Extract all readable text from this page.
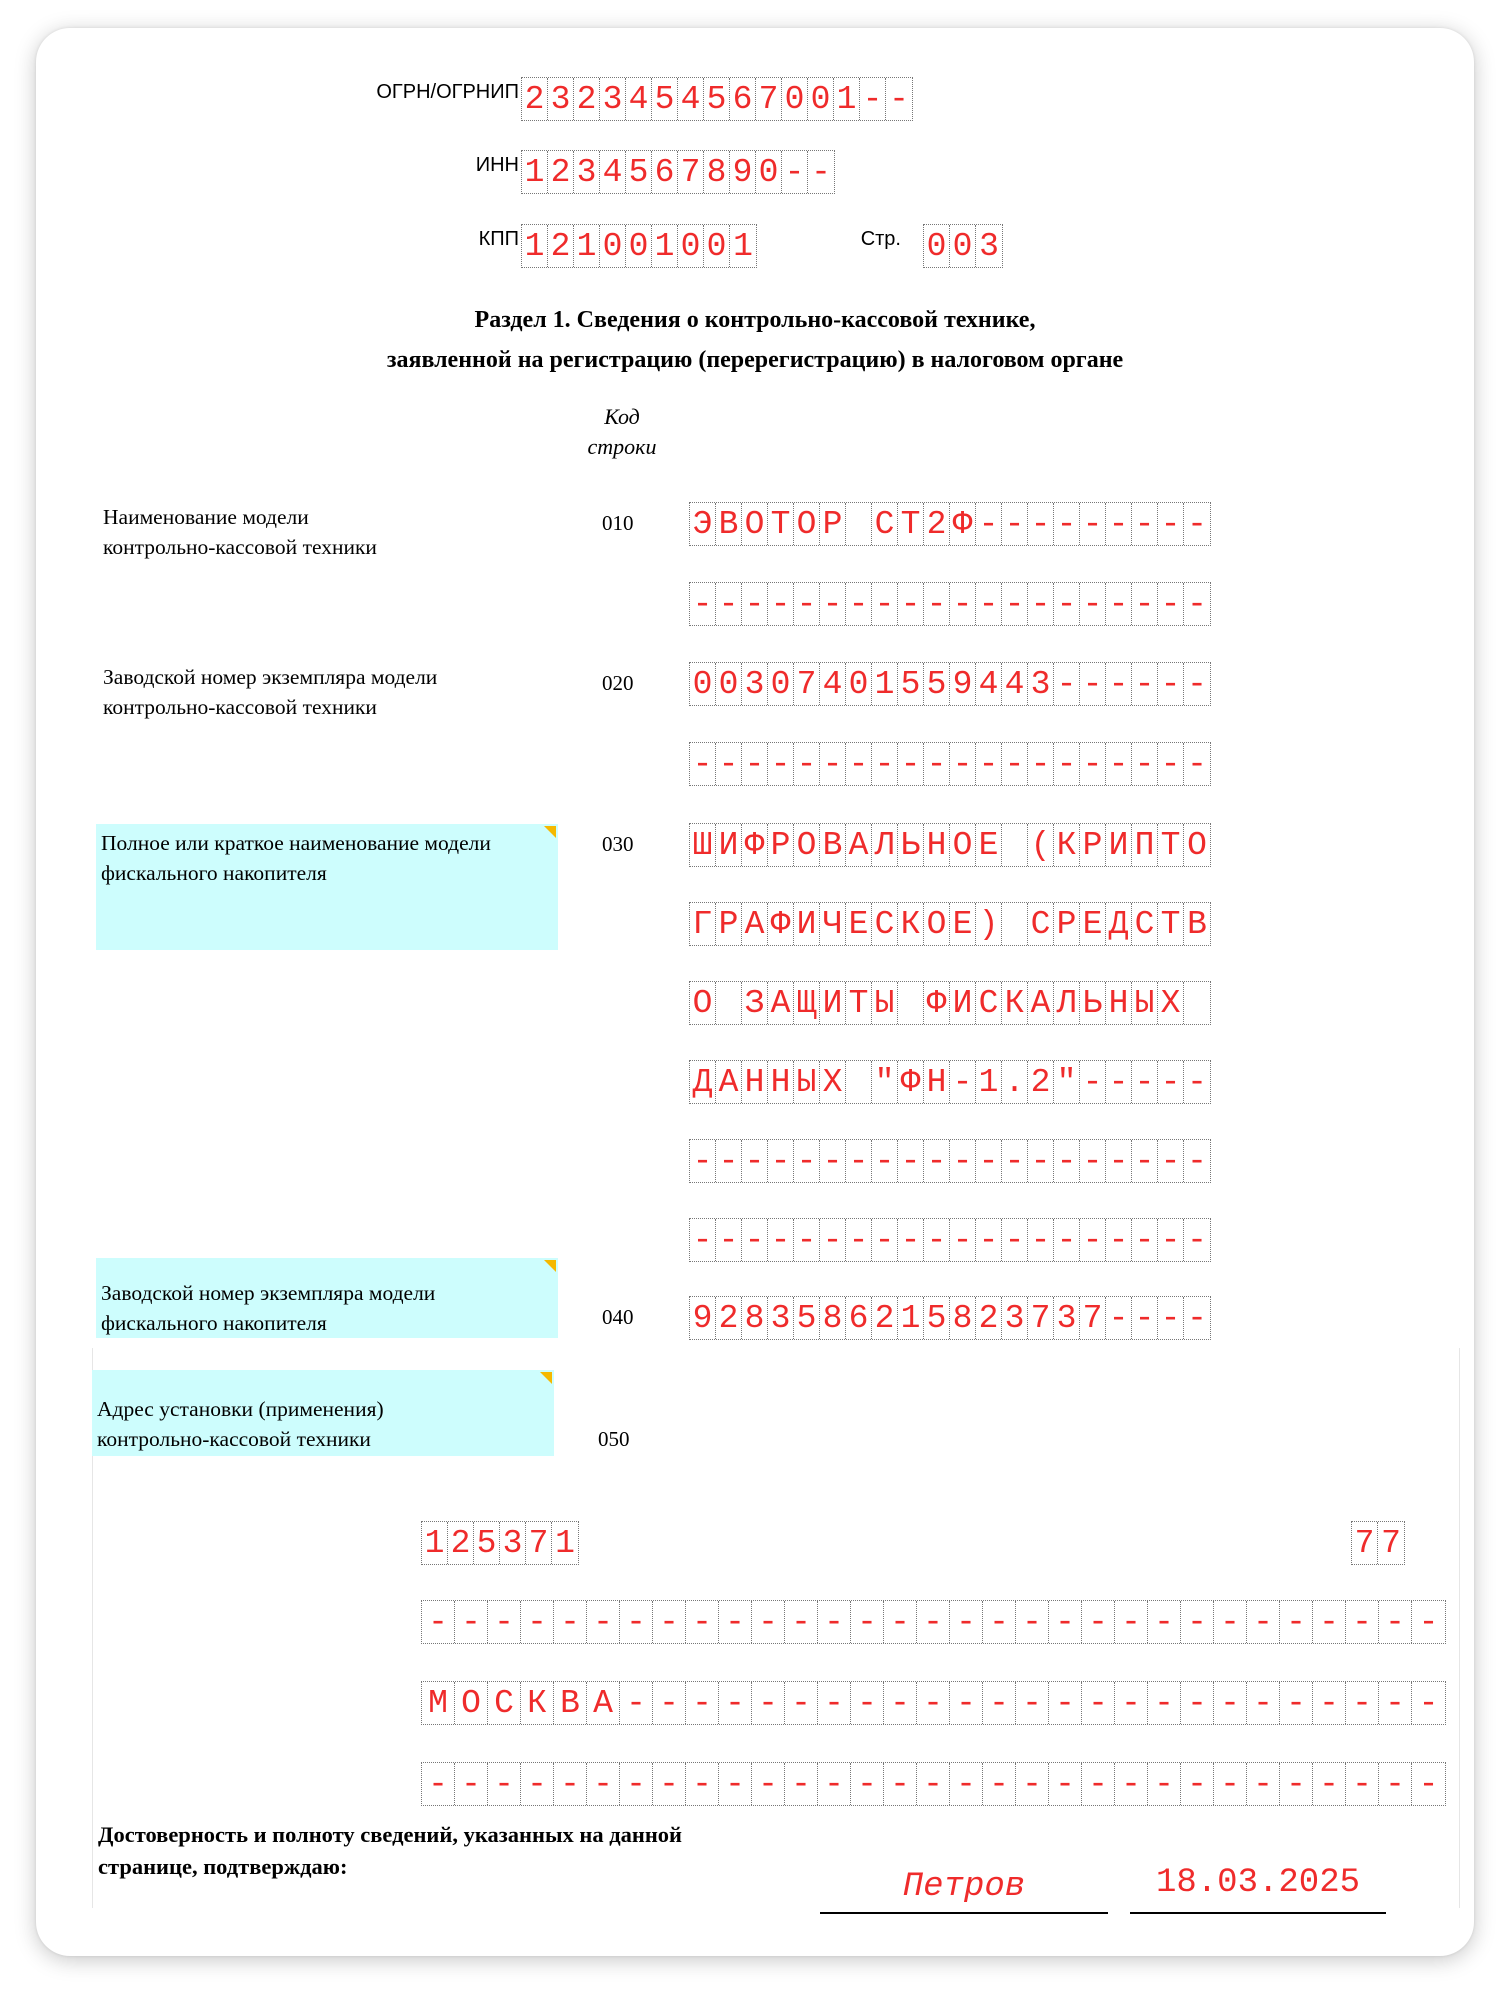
ОГРН/ОГРНИП 2 3 2 3 4 5 4 5 6 7 0 0 1 - -
ИНН 1 2 3 4 5 6 7 8 9 0 - -
КПП 1 2 1 0 0 1 0 0 1	Стр. 0 0 3
Раздел 1. Сведения о контрольно-кассовой технике,
заявленной на регистрацию (перерегистрацию) в налоговом органе
Код
строки
Наименование модели
контрольно-кассовой техники
010 Э В О Т О Р С Т 2 Ф - - - - - - - - -
- - - - - - - - - - - - - - - - - - - -
Заводской номер экземпляра модели
контрольно-кассовой техники
020 0 0 3 0 7 4 0 1 5 5 9 4 4 3 - - - - - -
- - - - - - - - - - - - - - - - - - - -
Полное или краткое наименование модели
фискального накопителя
030 Ш И Ф Р О В А Л Ь Н О Е ( К Р И П Т О
Г Р А Ф И Ч Е С К О Е ) С Р Е Д С Т В
О З А Щ И Т Ы Ф И С К А Л Ь Н Ы Х
Д А Н Н Ы Х " Ф Н - 1 . 2 " - - - - -
- - - - - - - - - - - - - - - - - - - -
- - - - - - - - - - - - - - - - - - - -
Заводской номер экземпляра модели
фискального накопителя	040 9 2 8 3 5 8 6 2 1 5 8 2 3 7 3 7 - - - -
Адрес установки (применения)
контрольно-кассовой техники	050
1 2 5 3 7 1	7 7
- - - - - - - - - - - - - - - - - - - - - - - - - - - - - - -
М О С К В А - - - - - - - - - - - - - - - - - - - - - - - - -
- - - - - - - - - - - - - - - - - - - - - - - - - - - - - - -
Достоверность и полноту сведений, указанных на данной
странице, подтверждаю:
Петров	18.03.2025
